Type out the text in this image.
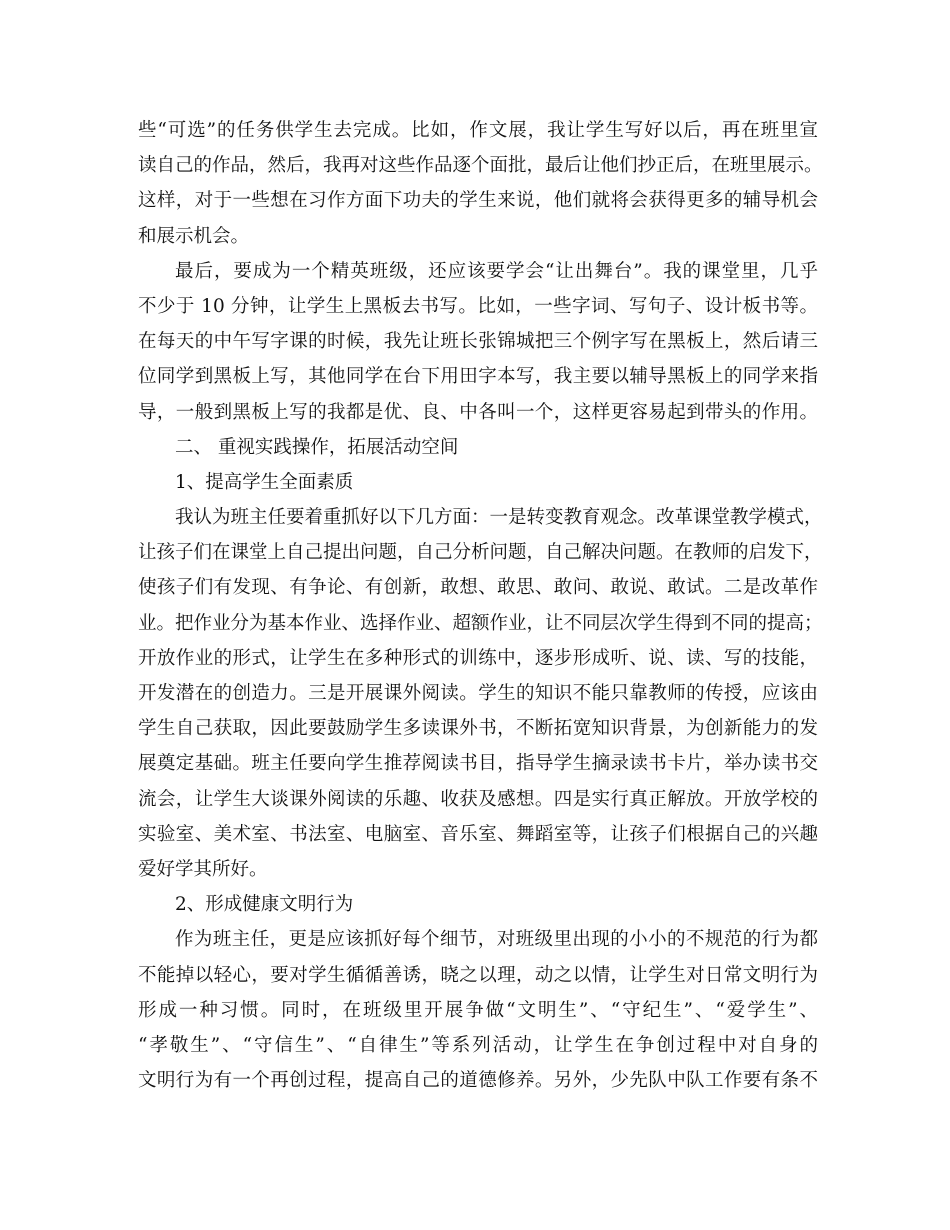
些“可选”的任务供学生去完成。比如，作文展，我让学生写好以后，再在班里宣
读自己的作品，然后，我再对这些作品逐个面批，最后让他们抄正后，在班里展示。
这样，对于一些想在习作方面下功夫的学生来说，他们就将会获得更多的辅导机会
和展示机会。
最后，要成为一个精英班级，还应该要学会“让出舞台”。我的课堂里，几乎
不少于 10 分钟，让学生上黑板去书写。比如，一些字词、写句子、设计板书等。
在每天的中午写字课的时候，我先让班长张锦城把三个例字写在黑板上，然后请三
位同学到黑板上写，其他同学在台下用田字本写，我主要以辅导黑板上的同学来指
导，一般到黑板上写的我都是优、良、中各叫一个，这样更容易起到带头的作用。
二、 重视实践操作，拓展活动空间
1、提高学生全面素质
我认为班主任要着重抓好以下几方面：一是转变教育观念。改革课堂教学模式，
让孩子们在课堂上自己提出问题，自己分析问题，自己解决问题。在教师的启发下，
使孩子们有发现、有争论、有创新，敢想、敢思、敢问、敢说、敢试。二是改革作
业。把作业分为基本作业、选择作业、超额作业，让不同层次学生得到不同的提高；
开放作业的形式，让学生在多种形式的训练中，逐步形成听、说、读、写的技能，
开发潜在的创造力。三是开展课外阅读。学生的知识不能只靠教师的传授，应该由
学生自己获取，因此要鼓励学生多读课外书，不断拓宽知识背景，为创新能力的发
展奠定基础。班主任要向学生推荐阅读书目，指导学生摘录读书卡片，举办读书交
流会，让学生大谈课外阅读的乐趣、收获及感想。四是实行真正解放。开放学校的
实验室、美术室、书法室、电脑室、音乐室、舞蹈室等，让孩子们根据自己的兴趣
爱好学其所好。
2、形成健康文明行为
作为班主任，更是应该抓好每个细节，对班级里出现的小小的不规范的行为都
不能掉以轻心，要对学生循循善诱，晓之以理，动之以情，让学生对日常文明行为
形成一种习惯。同时，在班级里开展争做“文明生”、“守纪生”、“爱学生”、
“孝敬生”、“守信生”、“自律生”等系列活动，让学生在争创过程中对自身的
文明行为有一个再创过程，提高自己的道德修养。另外，少先队中队工作要有条不
